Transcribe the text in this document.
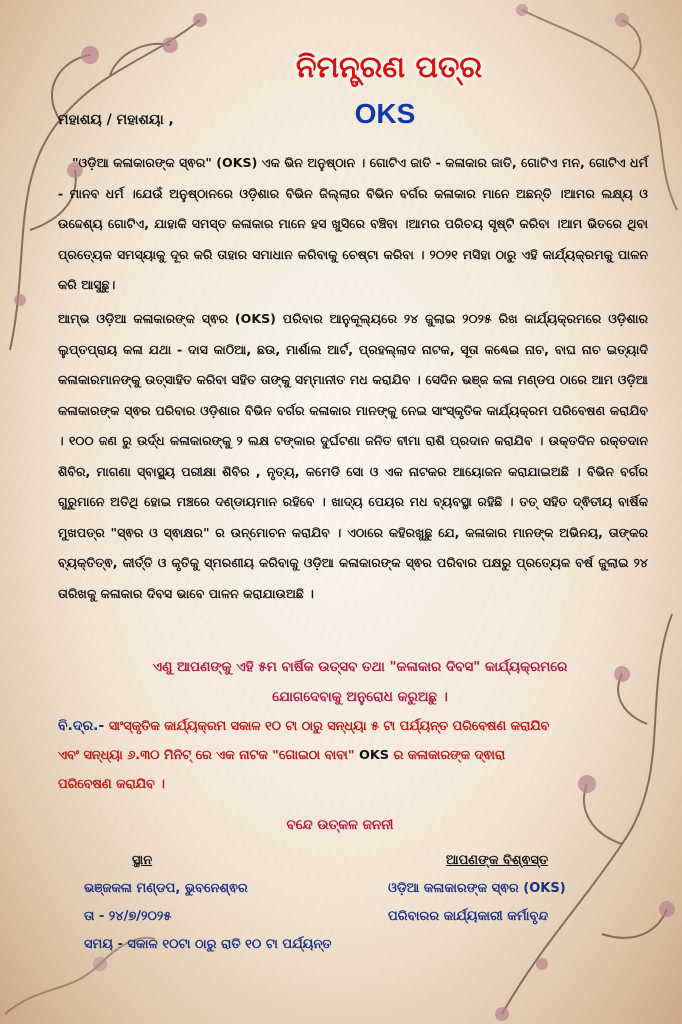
ନିମନ୍ତ୍ରଣ ପତ୍ର
OKS
ମହାଶୟ / ମହାଶୟା ,

"ଓଡ଼ିଆ କଳାକାରଙ୍କ ସ୍ଵର" (OKS) ଏକ ଭିନ ଅନୁଷ୍ଠାନ । ଗୋଟିଏ ଜାତି - କଳାକାର ଜାତି, ଗୋଟିଏ ମନ, ଗୋଟିଏ ଧର୍ମ - ମାନବ ଧର୍ମ ।ଯେଉଁ ଅନୁଷ୍ଠାନରେ ଓଡ଼ିଶାର ବିଭିନ ଜିଲ୍ଲାର ବିଭିନ ବର୍ଗର କଳାକାର ମାନେ ଅଛନ୍ତି ।ଆମର ଲକ୍ଷ୍ୟ ଓ ଉଦ୍ଦେଶ୍ୟ ଗୋଟିଏ, ଯାହାକି ସମସ୍ତ କଳାକାର ମାନେ ହସ ଖୁସିରେ ବଞ୍ଚିବା ।ଆମର ପରିଚୟ ସୃଷ୍ଟି କରିବା ।ଆମ ଭିତରେ ଥିବା ପ୍ରତ୍ୟେକ ସମସ୍ୟାକୁ ଦୂର କରି ତାହାର ସମାଧାନ କରିବାକୁ ଚେଷ୍ଟା କରିବା । ୨୦୨୧ ମସିହା ଠାରୁ ଏହି କାର୍ଯ୍ୟକ୍ରମକୁ ପାଳନ କରି ଆସୁଛୁ।

ଆମ୍ଭ ଓଡ଼ିଆ କଳାକାରଙ୍କ ସ୍ଵର (OKS) ପରିବାର ଆନୁକୂଲ୍ୟରେ ୨୪ ଜୁଲାଇ ୨୦୨୫ ରିଖ କାର୍ଯ୍ୟକ୍ରମରେ ଓଡ଼ିଶାର ଲୁପ୍ତପ୍ରାୟ କଳା ଯଥା - ଦାସ କାଠିଆ, ଛଉ, ମାର୍ଶାଲ ଆର୍ଟ, ପ୍ରହଲ୍ଲାଦ ନାଟକ, ସୂତା କଣ୍ଢେଇ ନାଚ, ବାଘ ନାଚ ଇତ୍ୟାଦି କଳାକାରମାନଙ୍କୁ ଉତ୍ସାହିତ କରିବା ସହିତ ତାଙ୍କୁ ସମ୍ମାନୀତ ମଧ କରାଯିବ । ସେଦିନ ଭଞ୍ଜ କଳା ମଣ୍ଡପ ଠାରେ ଆମ ଓଡ଼ିଆ କଳାକାରଙ୍କ ସ୍ଵର ପରିବାର ଓଡ଼ିଶାର ବିଭିନ ବର୍ଗର କଳାକାର ମାନଙ୍କୁ ନେଇ ସାଂସ୍କୃତିକ କାର୍ଯ୍ୟକ୍ରମ ପରିବେଷଣ କରାଯିବ । ୧୦୦ ଜଣ ରୁ ଉର୍ଦ୍ଧ କଳାକାରଙ୍କୁ ୨ ଲକ୍ଷ ଟଙ୍କାର ଦୁର୍ଘଟଣା ଜନିତ ବୀମା ରାଶି ପ୍ରଦାନ କରାଯିବ । ଉକ୍ତଦିନ ରକ୍ତଦାନ ଶିବିର, ମାଗଣା ସ୍ବାସ୍ଥ୍ୟ ପରୀକ୍ଷା ଶିବିର , ନୃତ୍ୟ, କମେଡି ସୋ ଓ ଏକ ନାଟକର ଆୟୋଜନ କରାଯାଇଅଛି । ବିଭିନ ବର୍ଗର ଗୁରୁମାନେ ଅତିଥି ହୋଇ ମଞ୍ଚରେ ଦଣ୍ଡାୟମାନ ରହିବେ । ଖାଦ୍ୟ ପେୟର ମଧ ବ୍ୟବସ୍ଥା ରହିଛି । ତତ୍ ସହିତ ଦ୍ଵିତୀୟ ବାର୍ଷିକ ମୁଖପତ୍ର "ସ୍ଵର ଓ ସ୍ଵାକ୍ଷର" ର ଉନ୍ମୋଚନ କରାଯିବ । ଏଠାରେ କହିରଖୁଛୁ ଯେ, କଳାକାର ମାନଙ୍କ ଅଭିନୟ, ତାଙ୍କର ବ୍ୟକ୍ତିତ୍ଵ, କୀର୍ତ୍ତି ଓ କୃତିକୁ ସ୍ମରଣୀୟ କରିବାକୁ ଓଡ଼ିଆ କଳାକାରଙ୍କ ସ୍ଵର ପରିବାର ପକ୍ଷରୁ ପ୍ରତ୍ୟେକ ବର୍ଷ ଜୁଲାଇ ୨୪ ତାରିଖକୁ କଳାକାର ଦିବସ ଭାବେ ପାଳନ କରାଯାଉଅଛି ।

ଏଣୁ ଆପଣଙ୍କୁ ଏହି ୫ମ ବାର୍ଷିକ ଉତ୍ସବ ତଥା "କଳାକାର ଦିବସ" କାର୍ଯ୍ୟକ୍ରମରେ
ଯୋଗଦେବାକୁ ଅନୁରୋଧ କରୁଅଛୁ ।

ବି.ଦ୍ର.- ସାଂସ୍କୃତିକ କାର୍ଯ୍ୟକ୍ରମ ସକାଳ ୧୦ ଟା ଠାରୁ ସନ୍ଧ୍ୟା ୫ ଟା ପର୍ଯ୍ୟନ୍ତ ପରିବେଷଣ କରାଯିବ
ଏବଂ ସନ୍ଧ୍ୟା ୬.୩୦ ମିନିଟ୍ ରେ ଏକ ନାଟକ "ଗୋଇଠା ବାବା" OKS ର କଳାକାରଙ୍କ ଦ୍ଵାରା
ପରିବେଷଣ କରାଯିବ ।

ବନ୍ଦେ ଉତ୍କଳ ଜନନୀ
ସ୍ଥାନ
ଭଞ୍ଜକଳା ମଣ୍ଡପ, ଭୁବନେଶ୍ଵର
ତା - ୨୪/୭/୨୦୨୫
ସମୟ - ସକାଳ ୧୦ଟା ଠାରୁ ରାତି ୧୦ ଟା ପର୍ଯ୍ୟନ୍ତ
ଆପଣଙ୍କ ବିଶ୍ଵସ୍ତ
ଓଡ଼ିଆ କଳାକାରଙ୍କ ସ୍ଵର (OKS)
ପରିବାରର କାର୍ଯ୍ୟକାରୀ କର୍ମାବୃନ୍ଦ
